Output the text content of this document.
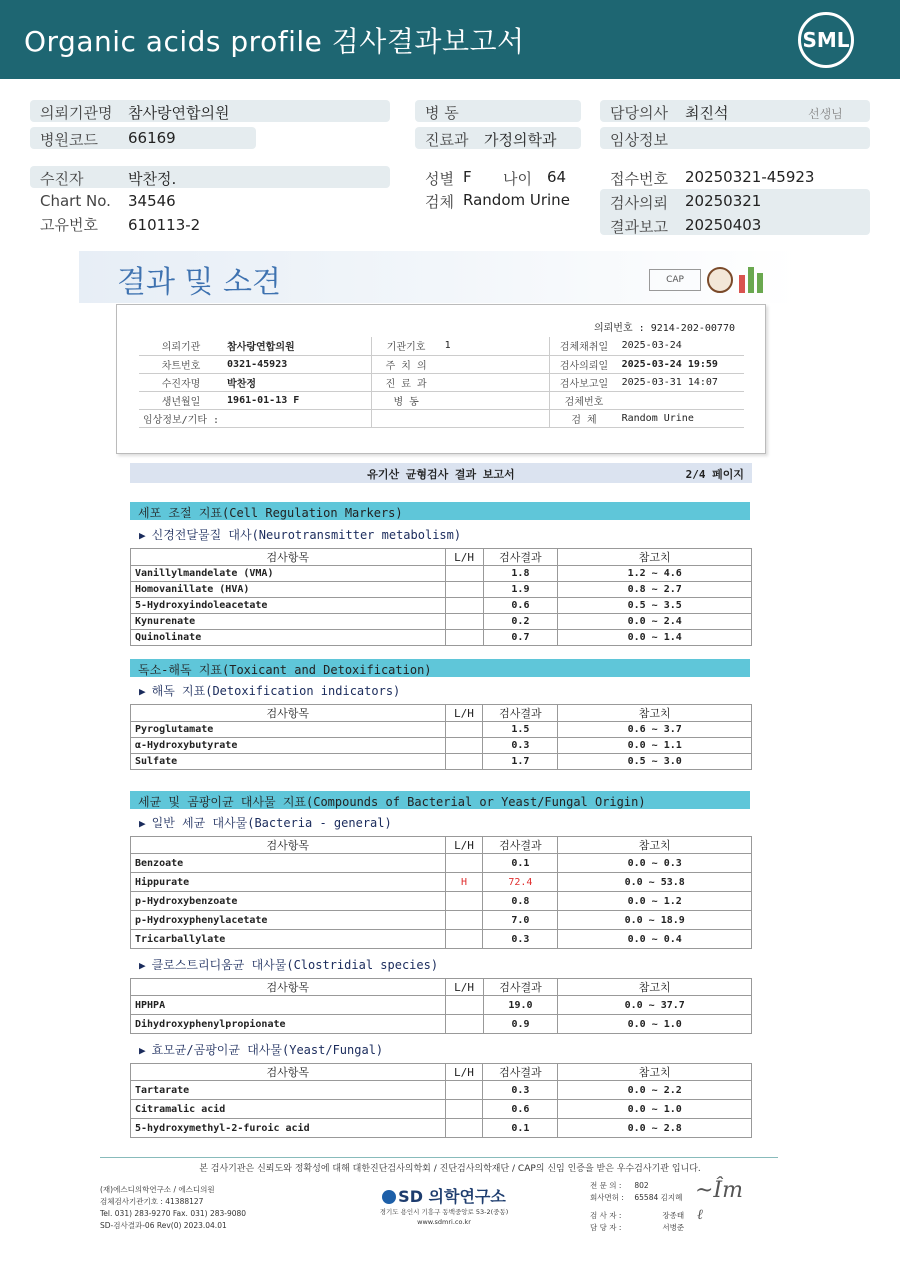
Organic acids profile 검사결과보고서	SML
의뢰기관명 참사랑연합의원
병원코드 66169
병 동
진료과 가정의학과
담당의사 최진석	선생님
임상정보
수진자	박찬정.
Chart No. 34546
고유번호 610113-2
성별 F 나이 64
검체 Random Urine
접수번호 20250321-45923
검사의뢰 20250321
결과보고 20250403
결과 및 소견	CAP
의뢰번호 : 9214-202-00770
의뢰기관	참사랑연합의원	기관기호	1	검체채취일	2025-03-24
차트번호	0321-45923	주 치 의		검사의뢰일	2025-03-24 19:59
수진자명	박찬정	진 료 과		검사보고일	2025-03-31 14:07
생년월일	1961-01-13 F	병 동		검체번호	
임상정보/기타 :				검 체	Random Urine
유기산 균형검사 결과 보고서	2/4 페이지
세포 조절 지표(Cell Regulation Markers)
▶ 신경전달물질 대사(Neurotransmitter metabolism)
검사항목	L/H	검사결과	참고치
Vanillylmandelate (VMA)		1.8	1.2 ~ 4.6
Homovanillate (HVA)		1.9	0.8 ~ 2.7
5-Hydroxyindoleacetate		0.6	0.5 ~ 3.5
Kynurenate		0.2	0.0 ~ 2.4
Quinolinate		0.7	0.0 ~ 1.4
독소-해독 지표(Toxicant and Detoxification)
▶ 해독 지표(Detoxification indicators)
검사항목	L/H	검사결과	참고치
Pyroglutamate		1.5	0.6 ~ 3.7
α-Hydroxybutyrate		0.3	0.0 ~ 1.1
Sulfate		1.7	0.5 ~ 3.0
세균 및 곰팡이균 대사물 지표(Compounds of Bacterial or Yeast/Fungal Origin)
▶ 일반 세균 대사물(Bacteria - general)
검사항목	L/H	검사결과	참고치
Benzoate		0.1	0.0 ~ 0.3
Hippurate	H	72.4	0.0 ~ 53.8
p-Hydroxybenzoate		0.8	0.0 ~ 1.2
p-Hydroxyphenylacetate		7.0	0.0 ~ 18.9
Tricarballylate		0.3	0.0 ~ 0.4
▶ 클로스트리디움균 대사물(Clostridial species)
검사항목	L/H	검사결과	참고치
HPHPA		19.0	0.0 ~ 37.7
Dihydroxyphenylpropionate		0.9	0.0 ~ 1.0
▶ 효모균/곰팡이균 대사물(Yeast/Fungal)
검사항목	L/H	검사결과	참고치
Tartarate		0.3	0.0 ~ 2.2
Citramalic acid		0.6	0.0 ~ 1.0
5-hydroxymethyl-2-furoic acid		0.1	0.0 ~ 2.8
본 검사기관은 신뢰도와 정확성에 대해 대한진단검사의학회 / 진단검사의학재단 / CAP의 신임 인증을 받은 우수검사기관 입니다.
(재)에스디의학연구소 / 에스디의원
검체검사기관기호 : 41388127
Tel. 031) 283-9270 Fax. 031) 283-9080
SD-검사결과-06 Rev(0) 2023.04.01
SD 의학연구소
경기도 용인시 기흥구 동백중앙로 53-2(중동)
www.sdmri.co.kr
전 문 의 : 802
회사면허 : 65584 김지혜
검 사 자 :	장종태
담 당 자 :	서병준
~Îm
ℓ
